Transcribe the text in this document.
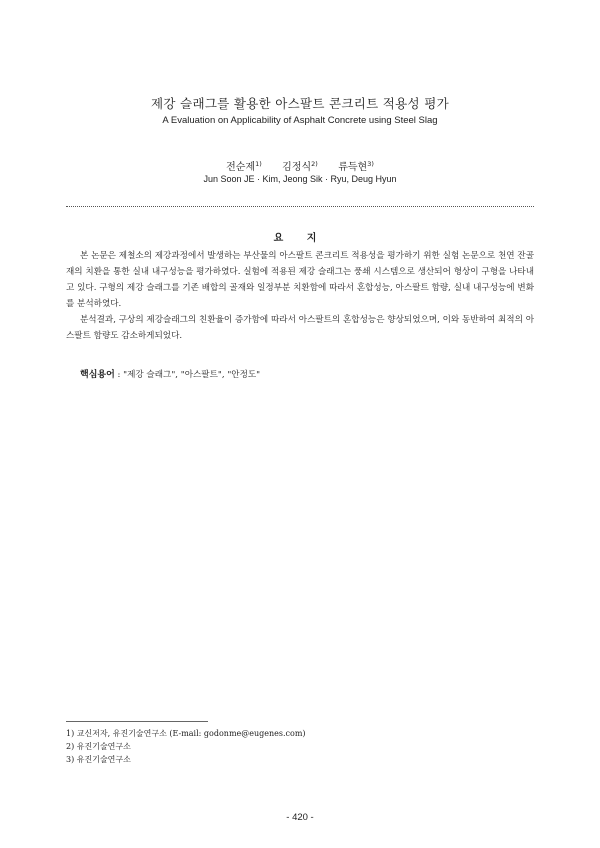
제강 슬래그를 활용한 아스팔트 콘크리트 적용성 평가
A Evaluation on Applicability of Asphalt Concrete using Steel Slag
전순제$^{1)}$ 김정식$^{2)}$ 류득현$^{3)}$
Jun Soon JE · Kim, Jeong Sik · Ryu, Deug Hyun
요 지

본 논문은 제철소의 제강과정에서 발생하는 부산물의 아스팔트 콘크리트 적용성을 평가하기 위한 실험 논문으로 천연 잔골재의 치환을 통한 실내 내구성능을 평가하였다. 실험에 적용된 제강 슬래그는 풍쇄 시스템으로 생산되어 형상이 구형을 나타내고 있다. 구형의 제강 슬래그를 기존 배합의 골재와 일정부분 치환함에 따라서 혼합성능, 아스팔트 함량, 실내 내구성능에 변화를 분석하였다.

분석결과, 구상의 제강슬래그의 친환율이 증가함에 따라서 아스팔트의 혼합성능은 향상되었으며, 이와 동반하여 최적의 아스팔트 함량도 감소하게되었다.

핵심용어 : "제강 슬래그", "아스팔트", "안정도"
1) 교신저자, 유진기술연구소 (E-mail: godonme@eugenes.com)
2) 유진기술연구소
3) 유진기술연구소
- 420 -
